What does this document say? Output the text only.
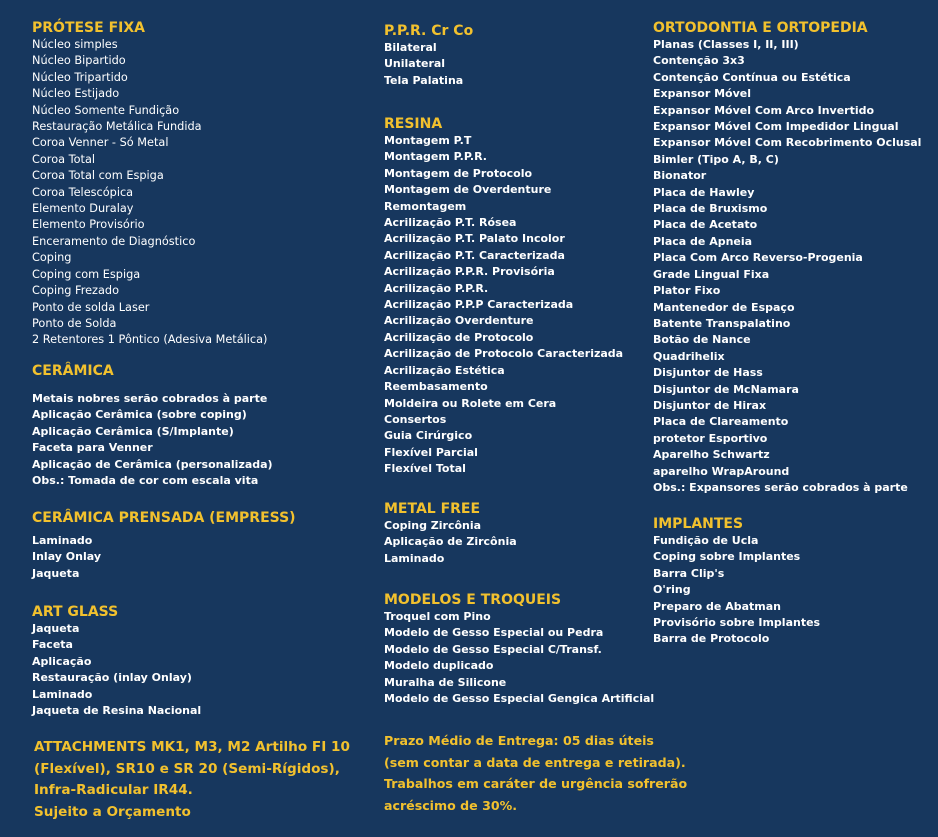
PRÓTESE FIXA
Núcleo simples
Núcleo Bipartido
Núcleo Tripartido
Núcleo Estijado
Núcleo Somente Fundição
Restauração Metálica Fundida
Coroa Venner - Só Metal
Coroa Total
Coroa Total com Espiga
Coroa Telescópica
Elemento Duralay
Elemento Provisório
Enceramento de Diagnóstico
Coping
Coping com Espiga
Coping Frezado
Ponto de solda Laser
Ponto de Solda
2 Retentores 1 Pôntico (Adesiva Metálica)
CERÂMICA
Metais nobres serão cobrados à parte
Aplicação Cerâmica (sobre coping)
Aplicação Cerâmica (S/Implante)
Faceta para Venner
Aplicação de Cerâmica (personalizada)
Obs.: Tomada de cor com escala vita
CERÂMICA PRENSADA (EMPRESS)
Laminado
Inlay Onlay
Jaqueta
ART GLASS
Jaqueta
Faceta
Aplicação
Restauração (inlay Onlay)
Laminado
Jaqueta de Resina Nacional
ATTACHMENTS MK1, M3, M2 Artilho FI 10
(Flexível), SR10 e SR 20 (Semi-Rígidos),
Infra-Radicular IR44.
Sujeito a Orçamento
P.P.R. Cr Co
Bilateral
Unilateral
Tela Palatina
RESINA
Montagem P.T
Montagem P.P.R.
Montagem de Protocolo
Montagem de Overdenture
Remontagem
Acrilização P.T. Rósea
Acrilização P.T. Palato Incolor
Acrilização P.T. Caracterizada
Acrilização P.P.R. Provisória
Acrilização P.P.R.
Acrilização P.P.P Caracterizada
Acrilização Overdenture
Acrilização de Protocolo
Acrilização de Protocolo Caracterizada
Acrilização Estética
Reembasamento
Moldeira ou Rolete em Cera
Consertos
Guia Cirúrgico
Flexível Parcial
Flexível Total
METAL FREE
Coping Zircônia
Aplicação de Zircônia
Laminado
MODELOS E TROQUEIS
Troquel com Pino
Modelo de Gesso Especial ou Pedra
Modelo de Gesso Especial C/Transf.
Modelo duplicado
Muralha de Silicone
Modelo de Gesso Especial Gengica Artificial
Prazo Médio de Entrega: 05 dias úteis
(sem contar a data de entrega e retirada).
Trabalhos em caráter de urgência sofrerão
acréscimo de 30%.
ORTODONTIA E ORTOPEDIA
Planas (Classes I, II, III)
Contenção 3x3
Contenção Contínua ou Estética
Expansor Móvel
Expansor Móvel Com Arco Invertido
Expansor Móvel Com Impedidor Lingual
Expansor Móvel Com Recobrimento Oclusal
Bimler (Tipo A, B, C)
Bionator
Placa de Hawley
Placa de Bruxismo
Placa de Acetato
Placa de Apneia
Placa Com Arco Reverso-Progenia
Grade Lingual Fixa
Plator Fixo
Mantenedor de Espaço
Batente Transpalatino
Botão de Nance
Quadrihelix
Disjuntor de Hass
Disjuntor de McNamara
Disjuntor de Hirax
Placa de Clareamento
protetor Esportivo
Aparelho Schwartz
aparelho WrapAround
Obs.: Expansores serão cobrados à parte
IMPLANTES
Fundição de Ucla
Coping sobre Implantes
Barra Clip's
O'ring
Preparo de Abatman
Provisório sobre Implantes
Barra de Protocolo
